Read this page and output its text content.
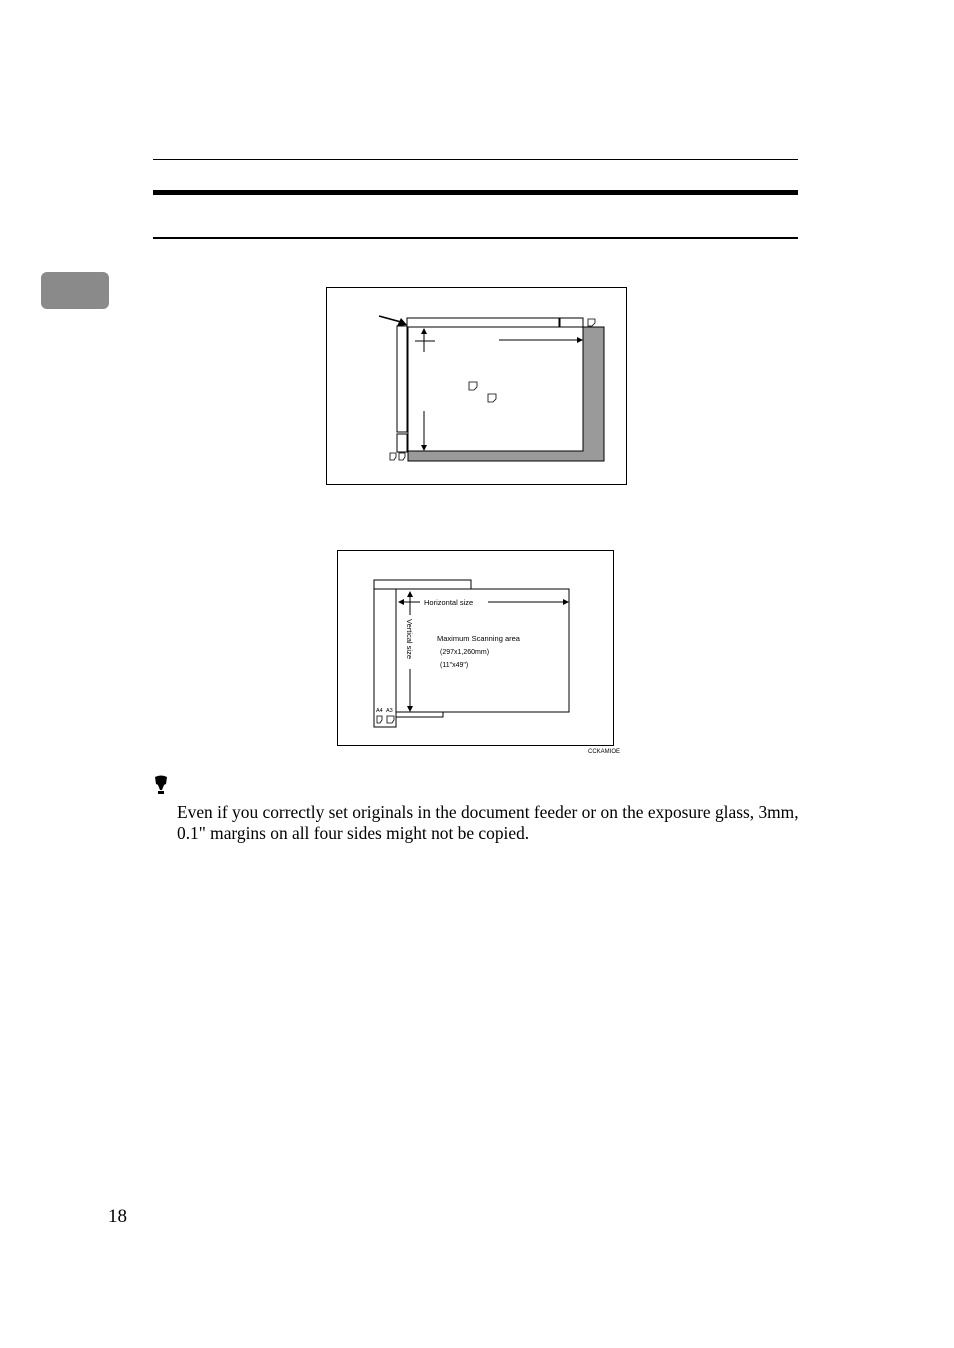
Horizontal size
Vertical size	Maximum Scanning area
(297x1,260mm)
(11"x49")
A4 A3
CCKAMIOE
Even if you correctly set originals in the document feeder or on the exposure glass, 3mm, 0.1" margins on all four sides might not be copied.
18
